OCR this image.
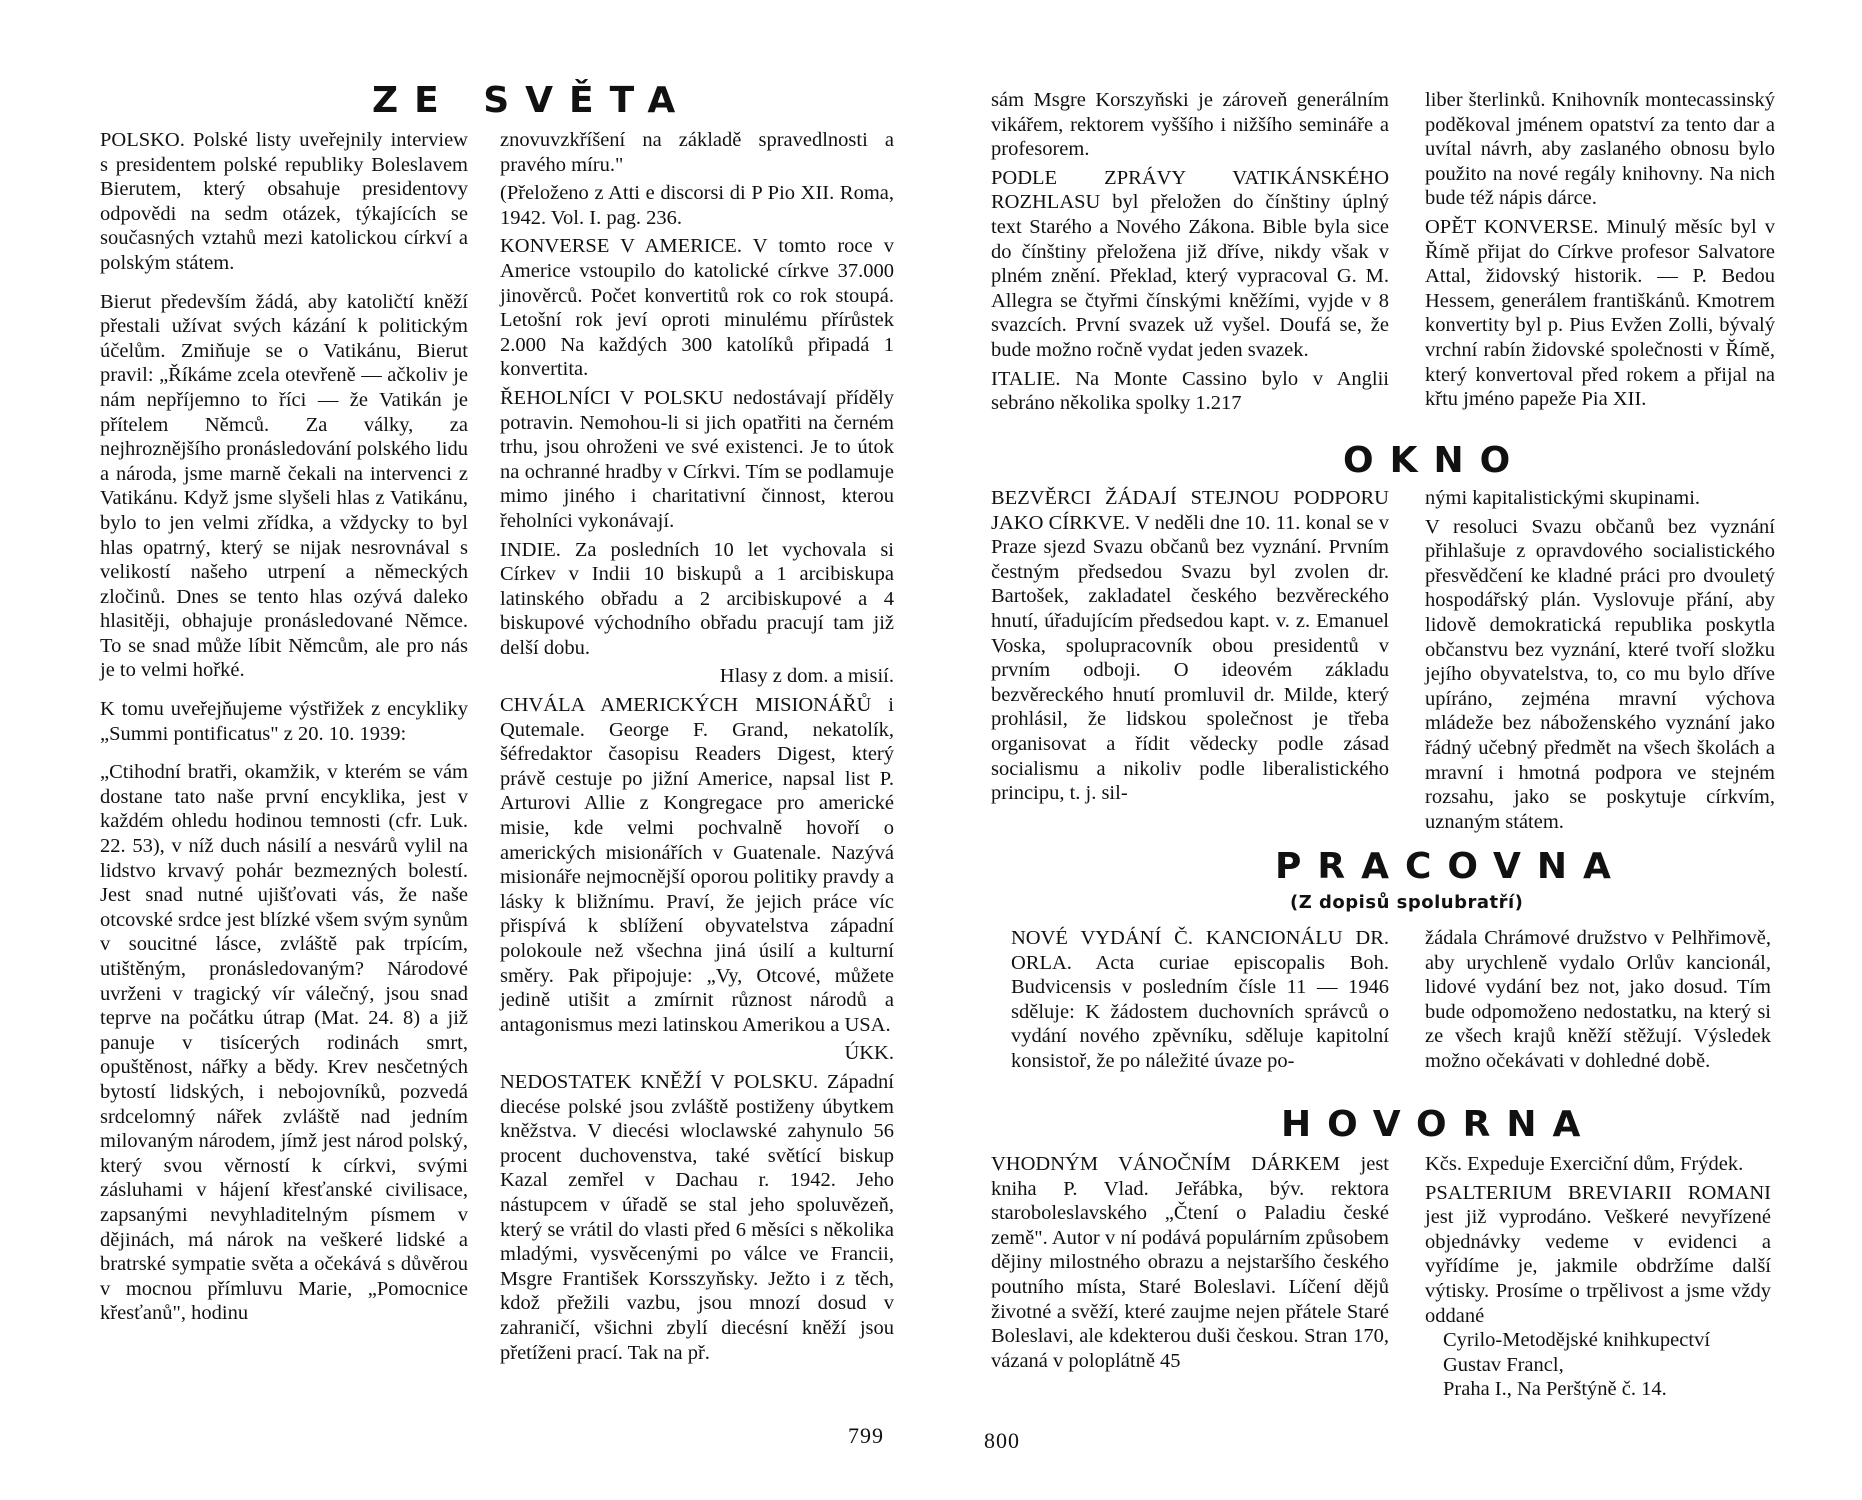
ZE SVĚTA

POLSKO. Polské listy uveřejnily interview s presidentem polské republiky Boleslavem Bierutem, který obsahuje presidentovy odpovědi na sedm otázek, týkajících se současných vztahů mezi katolickou církví a polským státem.

Bierut především žádá, aby katoličtí kněží přestali užívat svých kázání k politickým účelům. Zmiňuje se o Vatikánu, Bierut pravil: „Říkáme zcela otevřeně — ačkoliv je nám nepříjemno to říci — že Vatikán je přítelem Němců. Za války, za nejhroznějšího pronásledování polského lidu a národa, jsme marně čekali na intervenci z Vatikánu. Když jsme slyšeli hlas z Vatikánu, bylo to jen velmi zřídka, a vždycky to byl hlas opatrný, který se nijak nesrovnával s velikostí našeho utrpení a německých zločinů. Dnes se tento hlas ozývá daleko hlasitěji, obhajuje pronásledované Němce. To se snad může líbit Němcům, ale pro nás je to velmi hořké.

K tomu uveřejňujeme výstřižek z encykliky „Summi pontificatus" z 20. 10. 1939:

„Ctihodní bratři, okamžik, v kterém se vám dostane tato naše první encyklika, jest v každém ohledu hodinou temnosti (cfr. Luk. 22. 53), v níž duch násilí a nesvárů vylil na lidstvo krvavý pohár bezmezných bolestí. Jest snad nutné ujišťovati vás, že naše otcovské srdce jest blízké všem svým synům v soucitné lásce, zvláště pak trpícím, utištěným, pronásledovaným? Národové uvrženi v tragický vír válečný, jsou snad teprve na počátku útrap (Mat. 24. 8) a již panuje v tisícerých rodinách smrt, opuštěnost, nářky a bědy. Krev nesčetných bytostí lidských, i nebojovníků, pozvedá srdcelomný nářek zvláště nad jedním milovaným národem, jímž jest národ polský, který svou věrností k církvi, svými zásluhami v hájení křesťanské civilisace, zapsanými nevyhladitelným písmem v dějinách, má nárok na veškeré lidské a bratrské sympatie světa a očekává s důvěrou v mocnou přímluvu Marie, „Pomocnice křesťanů", hodinu

znovuvzkříšení na základě spravedlnosti a pravého míru."

(Přeloženo z Atti e discorsi di P Pio XII. Roma, 1942. Vol. I. pag. 236.

KONVERSE V AMERICE. V tomto roce v Americe vstoupilo do katolické církve 37.000 jinověrců. Počet konvertitů rok co rok stoupá. Letošní rok jeví oproti minulému přírůstek 2.000 Na každých 300 katolíků připadá 1 konvertita.

ŘEHOLNÍCI V POLSKU nedostávají příděly potravin. Nemohou-li si jich opatřiti na černém trhu, jsou ohroženi ve své existenci. Je to útok na ochranné hradby v Církvi. Tím se podlamuje mimo jiného i charitativní činnost, kterou řeholníci vykonávají.

INDIE. Za posledních 10 let vychovala si Církev v Indii 10 biskupů a 1 arcibiskupa latinského obřadu a 2 arcibiskupové a 4 biskupové východního obřadu pracují tam již delší dobu.

Hlasy z dom. a misií.

CHVÁLA AMERICKÝCH MISIONÁŘŮ i Qutemale. George F. Grand, nekatolík, šéfredaktor časopisu Readers Digest, který právě cestuje po jižní Americe, napsal list P. Arturovi Allie z Kongregace pro americké misie, kde velmi pochvalně hovoří o amerických misionářích v Guatenale. Nazývá misionáře nejmocnější oporou politiky pravdy a lásky k bližnímu. Praví, že jejich práce víc přispívá k sblížení obyvatelstva západní polokoule než všechna jiná úsilí a kulturní směry. Pak připojuje: „Vy, Otcové, můžete jedině utišit a zmírnit různost národů a antagonismus mezi latinskou Amerikou a USA.

ÚKK.

NEDOSTATEK KNĚŽÍ V POLSKU. Západní diecése polské jsou zvláště postiženy úbytkem kněžstva. V diecési wloclawské zahynulo 56 procent duchovenstva, také světící biskup Kazal zemřel v Dachau r. 1942. Jeho nástupcem v úřadě se stal jeho spoluvězeň, který se vrátil do vlasti před 6 měsíci s několika mladými, vysvěcenými po válce ve Francii, Msgre František Korsszyňsky. Ježto i z těch, kdož přežili vazbu, jsou mnozí dosud v zahraničí, všichni zbylí diecésní kněží jsou přetíženi prací. Tak na př.

799

sám Msgre Korszyňski je zároveň generálním vikářem, rektorem vyššího i nižšího semináře a profesorem.

PODLE ZPRÁVY VATIKÁNSKÉHO ROZHLASU byl přeložen do čínštiny úplný text Starého a Nového Zákona. Bible byla sice do čínštiny přeložena již dříve, nikdy však v plném znění. Překlad, který vypracoval G. M. Allegra se čtyřmi čínskými kněžími, vyjde v 8 svazcích. První svazek už vyšel. Doufá se, že bude možno ročně vydat jeden svazek.

ITALIE. Na Monte Cassino bylo v Anglii sebráno několika spolky 1.217

liber šterlinků. Knihovník montecassinský poděkoval jménem opatství za tento dar a uvítal návrh, aby zaslaného obnosu bylo použito na nové regály knihovny. Na nich bude též nápis dárce.

OPĚT KONVERSE. Minulý měsíc byl v Římě přijat do Církve profesor Salvatore Attal, židovský historik. — P. Bedou Hessem, generálem františkánů. Kmotrem konvertity byl p. Pius Evžen Zolli, bývalý vrchní rabín židovské společnosti v Římě, který konvertoval před rokem a přijal na křtu jméno papeže Pia XII.

OKNO

BEZVĚRCI ŽÁDAJÍ STEJNOU PODPORU JAKO CÍRKVE. V neděli dne 10. 11. konal se v Praze sjezd Svazu občanů bez vyznání. Prvním čestným předsedou Svazu byl zvolen dr. Bartošek, zakladatel českého bezvěreckého hnutí, úřadujícím předsedou kapt. v. z. Emanuel Voska, spolupracovník obou presidentů v prvním odboji. O ideovém základu bezvěreckého hnutí promluvil dr. Milde, který prohlásil, že lidskou společnost je třeba organisovat a řídit vědecky podle zásad socialismu a nikoliv podle liberalistického principu, t. j. sil-

nými kapitalistickými skupinami.

V resoluci Svazu občanů bez vyznání přihlašuje z opravdového socialistického přesvědčení ke kladné práci pro dvouletý hospodářský plán. Vyslovuje přání, aby lidově demokratická republika poskytla občanstvu bez vyznání, které tvoří složku jejího obyvatelstva, to, co mu bylo dříve upíráno, zejména mravní výchova mládeže bez náboženského vyznání jako řádný učebný předmět na všech školách a mravní i hmotná podpora ve stejném rozsahu, jako se poskytuje církvím, uznaným státem.

PRACOVNA
(Z dopisů spolubratří)

NOVÉ VYDÁNÍ Č. KANCIONÁLU DR. ORLA. Acta curiae episcopalis Boh. Budvicensis v posledním čísle 11 — 1946 sděluje: K žádostem duchovních správců o vydání nového zpěvníku, sděluje kapitolní konsistoř, že po náležité úvaze po-

žádala Chrámové družstvo v Pelhřimově, aby urychleně vydalo Orlův kancionál, lidové vydání bez not, jako dosud. Tím bude odpomoženo nedostatku, na který si ze všech krajů kněží stěžují. Výsledek možno očekávati v dohledné době.

HOVORNA

VHODNÝM VÁNOČNÍM DÁRKEM jest kniha P. Vlad. Jeřábka, býv. rektora staroboleslavského „Čtení o Paladiu české země". Autor v ní podává populárním způsobem dějiny milostného obrazu a nejstaršího českého poutního místa, Staré Boleslavi. Líčení dějů životné a svěží, které zaujme nejen přátele Staré Boleslavi, ale kdekterou duši českou. Stran 170, vázaná v poloplátně 45

Kčs. Expeduje Exerciční dům, Frýdek.

PSALTERIUM BREVIARII ROMANI jest již vyprodáno. Veškeré nevyřízené objednávky vedeme v evidenci a vyřídíme je, jakmile obdržíme další výtisky. Prosíme o trpělivost a jsme vždy oddané

Cyrilo-Metodějské knihkupectví
Gustav Francl,
Praha I., Na Perštýně č. 14.
800
